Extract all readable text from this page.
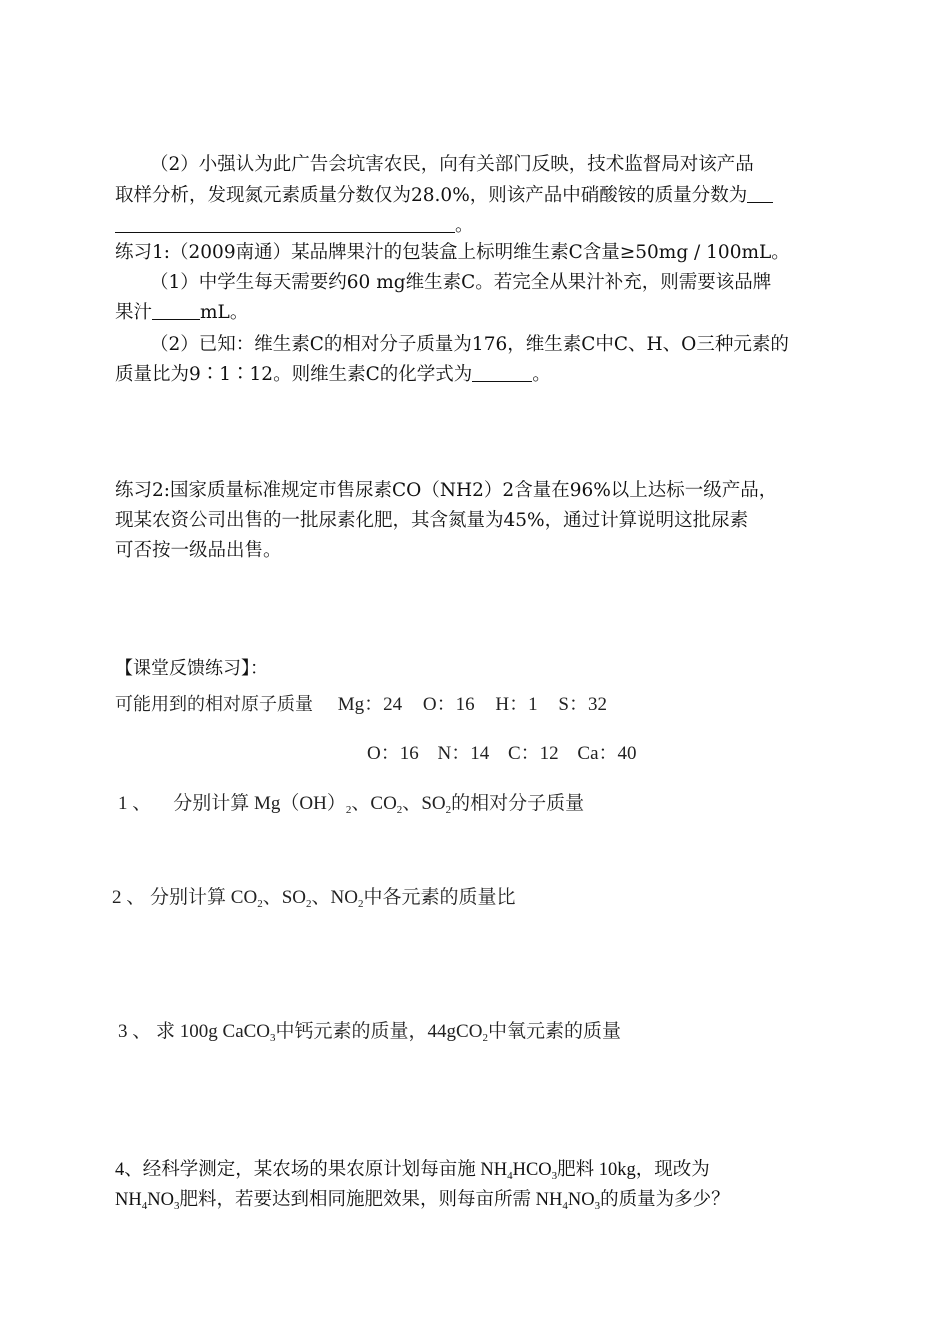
（2）小强认为此广告会坑害农民，向有关部门反映，技术监督局对该产品
取样分析，发现氮元素质量分数仅为28.0%，则该产品中硝酸铵的质量分数为
。
练习1:（2009南通）某品牌果汁的包装盒上标明维生素C含量≥50mg / 100mL。
（1）中学生每天需要约60 mg维生素C。若完全从果汁补充，则需要该品牌
果汁	mL。
（2）已知：维生素C的相对分子质量为176，维生素C中C、H、O三种元素的
质量比为9∶1∶12。则维生素C的化学式为	。
练习2:国家质量标准规定市售尿素CO（NH2）2含量在96%以上达标一级产品，
现某农资公司出售的一批尿素化肥，其含氮量为45%，通过计算说明这批尿素
可否按一级品出售。
【课堂反馈练习】：
可能用到的相对原子质量 Mg：24 O：16 H：1 S：32
O：16 N：14 C：12 Ca：40
1 、 分别计算 $Mg(OH)_2$、$CO_2$、$SO_2$的相对分子质量
2 、 分别计算 $CO_2$、$SO_2$、$NO_2$中各元素的质量比
3 、 求 100g CaCO$_3$中钙元素的质量，44gCO$_2$中氧元素的质量
4、经科学测定，某农场的果农原计划每亩施 $NH_4HCO_3$肥料 10kg，现改为
$NH_4NO_3$肥料，若要达到相同施肥效果，则每亩所需 $NH_4NO_3$的质量为多少？
